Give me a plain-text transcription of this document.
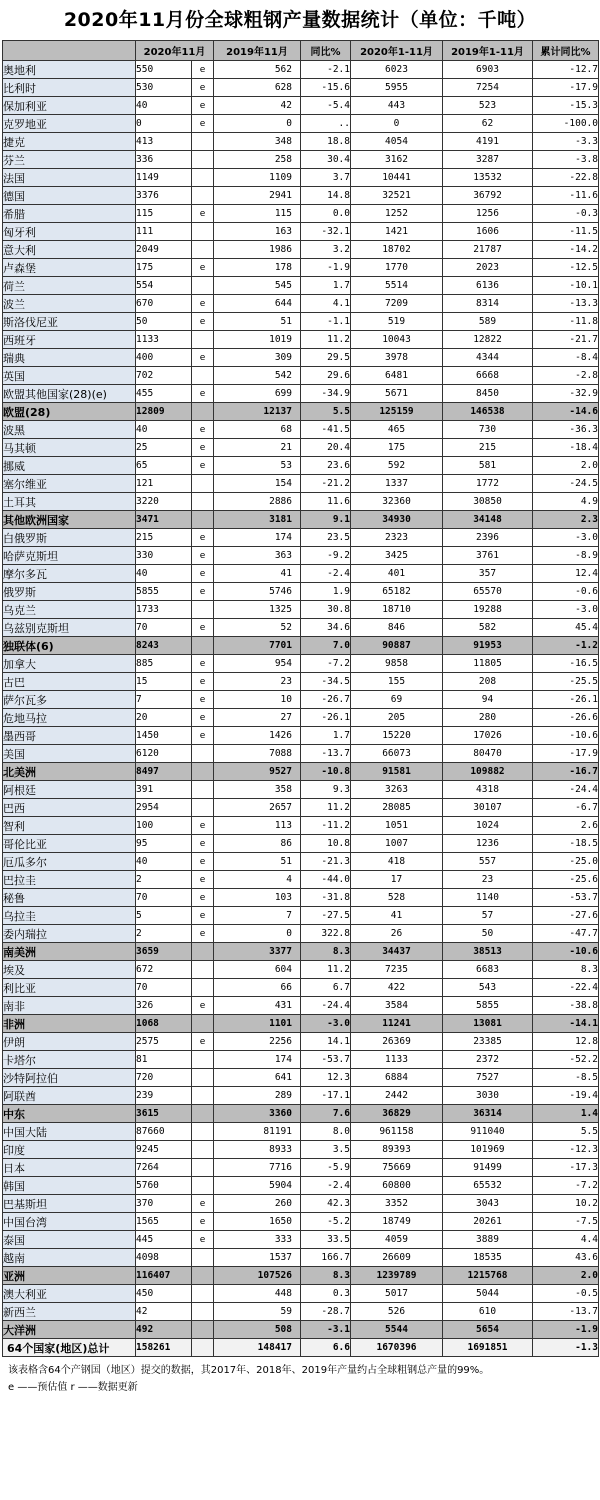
2020年11月份全球粗钢产量数据统计（单位：千吨）
	2020年11月		2019年11月	同比%	2020年1-11月	2019年1-11月	累计同比%
奥地利	550	e	562	-2.1	6023	6903	-12.7
比利时	530	e	628	-15.6	5955	7254	-17.9
保加利亚	40	e	42	-5.4	443	523	-15.3
克罗地亚	0	e	0	..	0	62	-100.0
捷克	413		348	18.8	4054	4191	-3.3
芬兰	336		258	30.4	3162	3287	-3.8
法国	1149		1109	3.7	10441	13532	-22.8
德国	3376		2941	14.8	32521	36792	-11.6
希腊	115	e	115	0.0	1252	1256	-0.3
匈牙利	111		163	-32.1	1421	1606	-11.5
意大利	2049		1986	3.2	18702	21787	-14.2
卢森堡	175	e	178	-1.9	1770	2023	-12.5
荷兰	554		545	1.7	5514	6136	-10.1
波兰	670	e	644	4.1	7209	8314	-13.3
斯洛伐尼亚	50	e	51	-1.1	519	589	-11.8
西班牙	1133		1019	11.2	10043	12822	-21.7
瑞典	400	e	309	29.5	3978	4344	-8.4
英国	702		542	29.6	6481	6668	-2.8
欧盟其他国家(28)(e)	455	e	699	-34.9	5671	8450	-32.9
欧盟(28)	12809		12137	5.5	125159	146538	-14.6
波黑	40	e	68	-41.5	465	730	-36.3
马其顿	25	e	21	20.4	175	215	-18.4
挪威	65	e	53	23.6	592	581	2.0
塞尔维亚	121		154	-21.2	1337	1772	-24.5
土耳其	3220		2886	11.6	32360	30850	4.9
其他欧洲国家	3471		3181	9.1	34930	34148	2.3
白俄罗斯	215	e	174	23.5	2323	2396	-3.0
哈萨克斯坦	330	e	363	-9.2	3425	3761	-8.9
摩尔多瓦	40	e	41	-2.4	401	357	12.4
俄罗斯	5855	e	5746	1.9	65182	65570	-0.6
乌克兰	1733		1325	30.8	18710	19288	-3.0
乌兹别克斯坦	70	e	52	34.6	846	582	45.4
独联体(6)	8243		7701	7.0	90887	91953	-1.2
加拿大	885	e	954	-7.2	9858	11805	-16.5
古巴	15	e	23	-34.5	155	208	-25.5
萨尔瓦多	7	e	10	-26.7	69	94	-26.1
危地马拉	20	e	27	-26.1	205	280	-26.6
墨西哥	1450	e	1426	1.7	15220	17026	-10.6
美国	6120		7088	-13.7	66073	80470	-17.9
北美洲	8497		9527	-10.8	91581	109882	-16.7
阿根廷	391		358	9.3	3263	4318	-24.4
巴西	2954		2657	11.2	28085	30107	-6.7
智利	100	e	113	-11.2	1051	1024	2.6
哥伦比亚	95	e	86	10.8	1007	1236	-18.5
厄瓜多尔	40	e	51	-21.3	418	557	-25.0
巴拉圭	2	e	4	-44.0	17	23	-25.6
秘鲁	70	e	103	-31.8	528	1140	-53.7
乌拉圭	5	e	7	-27.5	41	57	-27.6
委内瑞拉	2	e	0	322.8	26	50	-47.7
南美洲	3659		3377	8.3	34437	38513	-10.6
埃及	672		604	11.2	7235	6683	8.3
利比亚	70		66	6.7	422	543	-22.4
南非	326	e	431	-24.4	3584	5855	-38.8
非洲	1068		1101	-3.0	11241	13081	-14.1
伊朗	2575	e	2256	14.1	26369	23385	12.8
卡塔尔	81		174	-53.7	1133	2372	-52.2
沙特阿拉伯	720		641	12.3	6884	7527	-8.5
阿联酋	239		289	-17.1	2442	3030	-19.4
中东	3615		3360	7.6	36829	36314	1.4
中国大陆	87660		81191	8.0	961158	911040	5.5
印度	9245		8933	3.5	89393	101969	-12.3
日本	7264		7716	-5.9	75669	91499	-17.3
韩国	5760		5904	-2.4	60800	65532	-7.2
巴基斯坦	370	e	260	42.3	3352	3043	10.2
中国台湾	1565	e	1650	-5.2	18749	20261	-7.5
泰国	445	e	333	33.5	4059	3889	4.4
越南	4098		1537	166.7	26609	18535	43.6
亚洲	116407		107526	8.3	1239789	1215768	2.0
澳大利亚	450		448	0.3	5017	5044	-0.5
新西兰	42		59	-28.7	526	610	-13.7
大洋洲	492		508	-3.1	5544	5654	-1.9
64个国家(地区)总计	158261		148417	6.6	1670396	1691851	-1.3
该表格含64个产钢国（地区）提交的数据，其2017年、2018年、2019年产量约占全球粗钢总产量的99%。
e ——预估值 r ——数据更新
